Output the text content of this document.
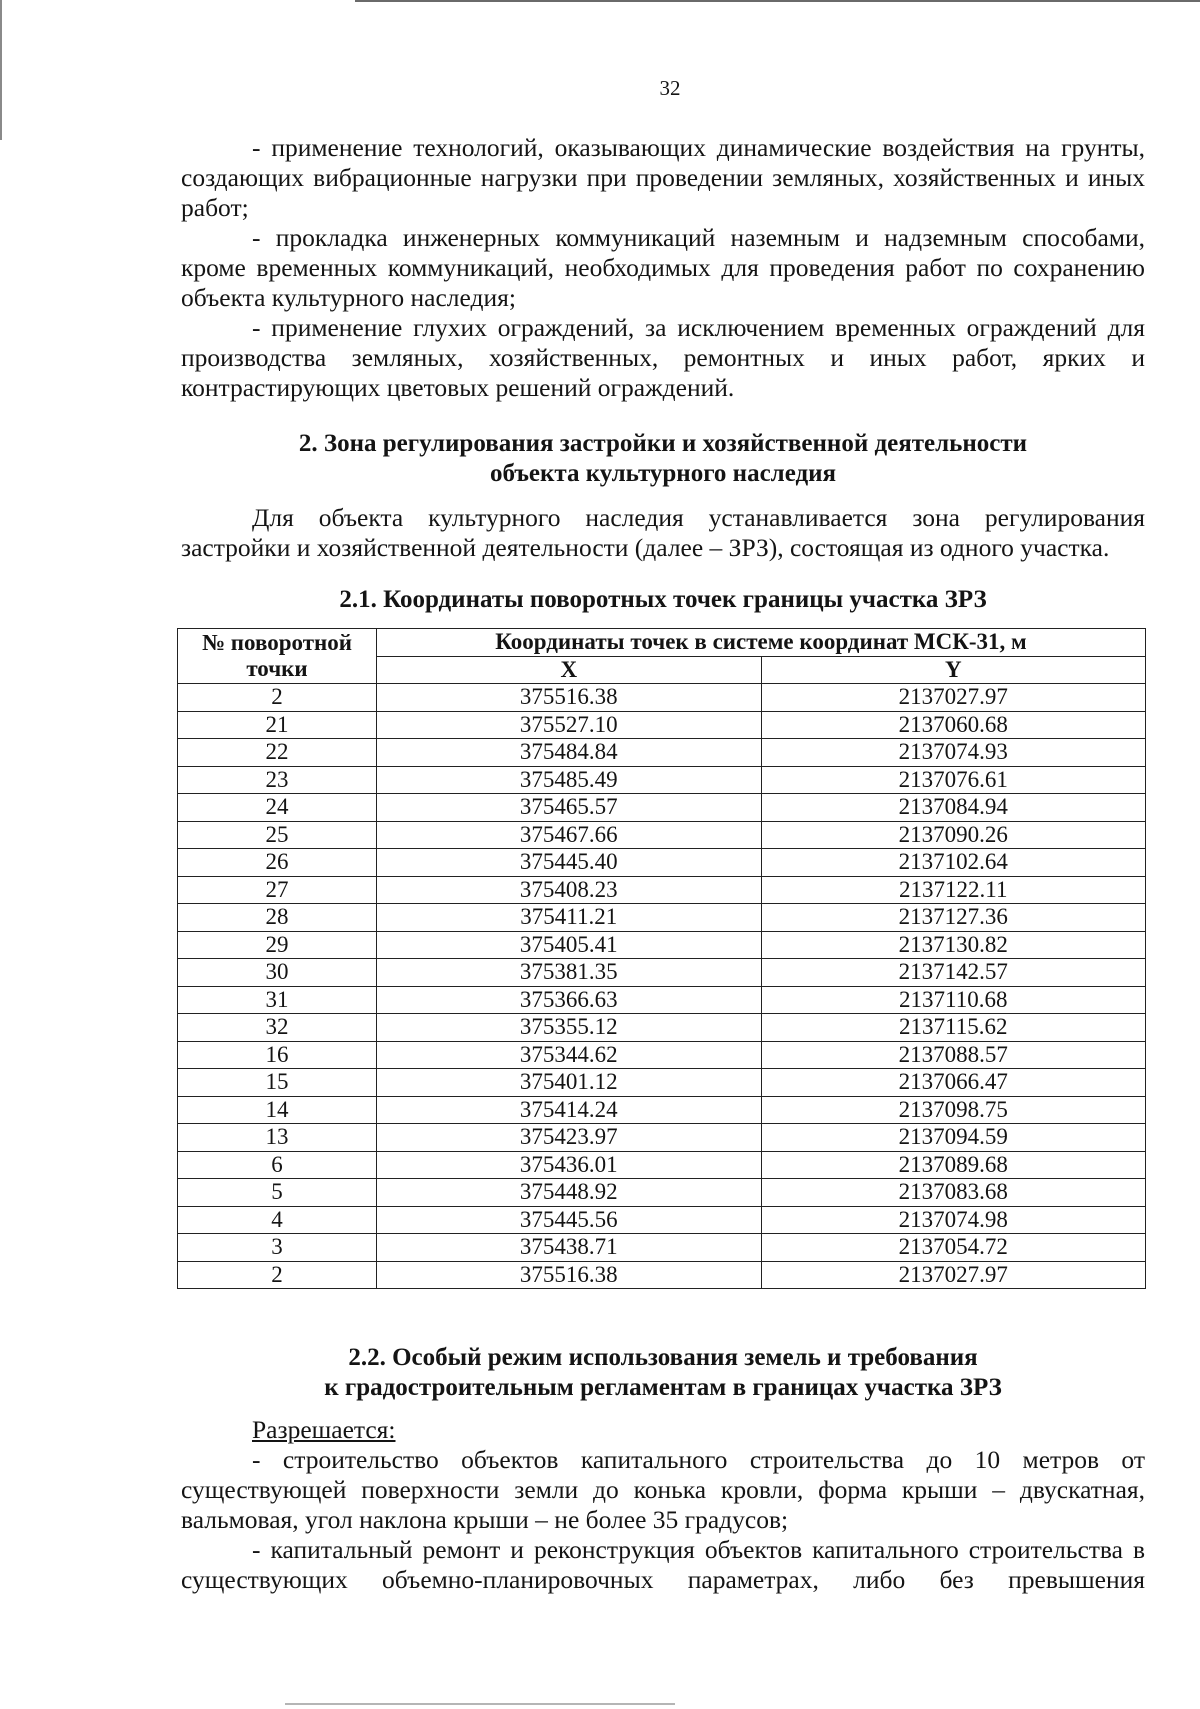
32

- применение технологий, оказывающих динамические воздействия на грунты, создающих вибрационные нагрузки при проведении земляных, хозяйственных и иных работ;

- прокладка инженерных коммуникаций наземным и надземным способами, кроме временных коммуникаций, необходимых для проведения работ по сохранению объекта культурного наследия;

- применение глухих ограждений, за исключением временных ограждений для производства земляных, хозяйственных, ремонтных и иных работ, ярких и контрастирующих цветовых решений ограждений.

2. Зона регулирования застройки и хозяйственной деятельности

объекта культурного наследия

Для объекта культурного наследия устанавливается зона регулирования застройки и хозяйственной деятельности (далее – ЗРЗ), состоящая из одного участка.

2.1. Координаты поворотных точек границы участка ЗРЗ

№ поворотной точки	Координаты точек в системе координат МСК-31, м	
	X	Y
2	375516.38	2137027.97
21	375527.10	2137060.68
22	375484.84	2137074.93
23	375485.49	2137076.61
24	375465.57	2137084.94
25	375467.66	2137090.26
26	375445.40	2137102.64
27	375408.23	2137122.11
28	375411.21	2137127.36
29	375405.41	2137130.82
30	375381.35	2137142.57
31	375366.63	2137110.68
32	375355.12	2137115.62
16	375344.62	2137088.57
15	375401.12	2137066.47
14	375414.24	2137098.75
13	375423.97	2137094.59
6	375436.01	2137089.68
5	375448.92	2137083.68
4	375445.56	2137074.98
3	375438.71	2137054.72
2	375516.38	2137027.97

2.2. Особый режим использования земель и требования

к градостроительным регламентам в границах участка ЗРЗ

Разрешается:

- строительство объектов капитального строительства до 10 метров от существующей поверхности земли до конька кровли, форма крыши – двускатная, вальмовая, угол наклона крыши – не более 35 градусов;

- капитальный ремонт и реконструкция объектов капитального строительства в существующих объемно-планировочных параметрах, либо без превышения
